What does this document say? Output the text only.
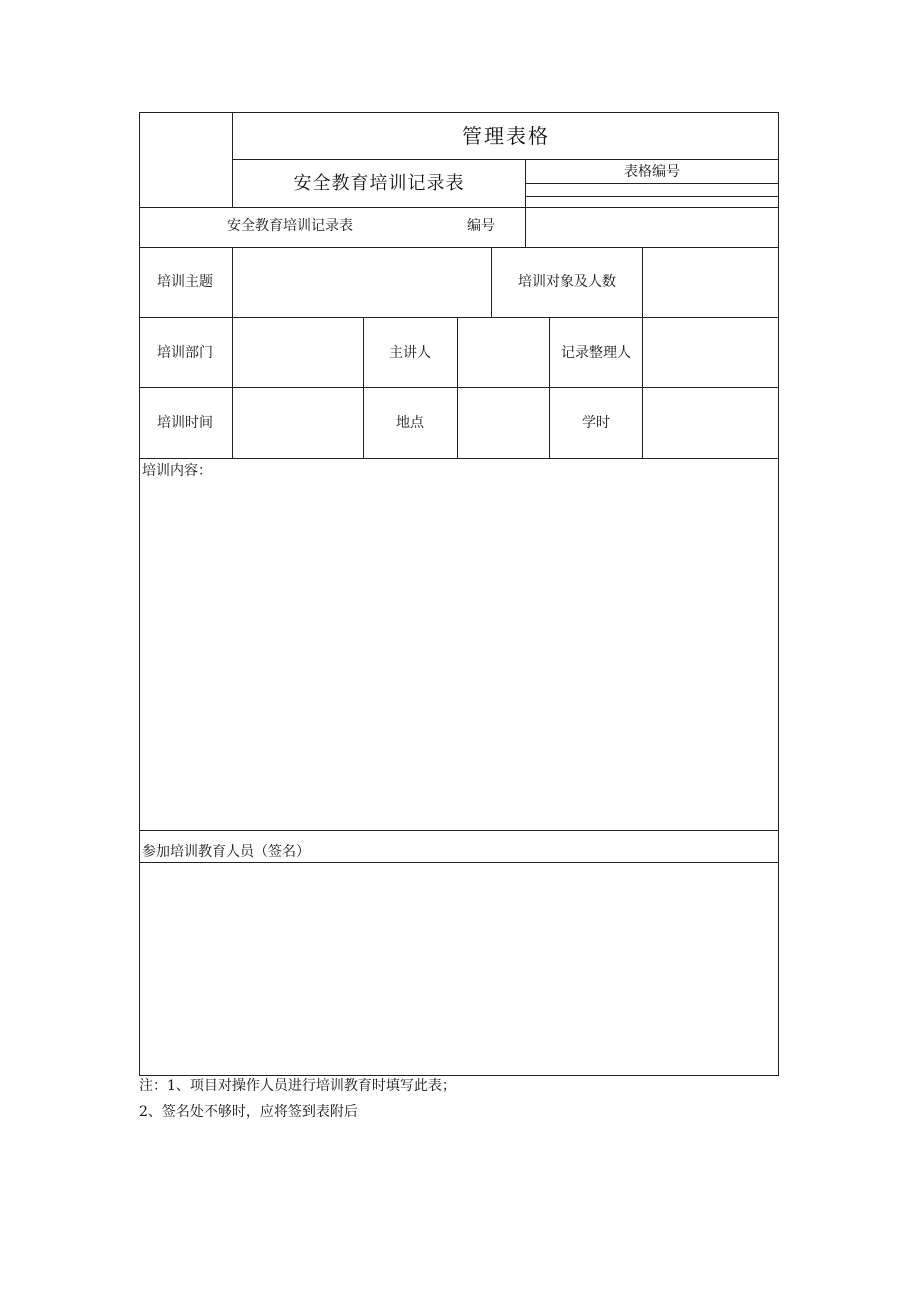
管理表格
安全教育培训记录表
表格编号
安全教育培训记录表	编号
培训主题	培训对象及人数
培训部门	主讲人	记录整理人
培训时间	地点	学时
培训内容：
参加培训教育人员（签名）
注：1、项目对操作人员进行培训教育时填写此表；
2、签名处不够时，应将签到表附后
